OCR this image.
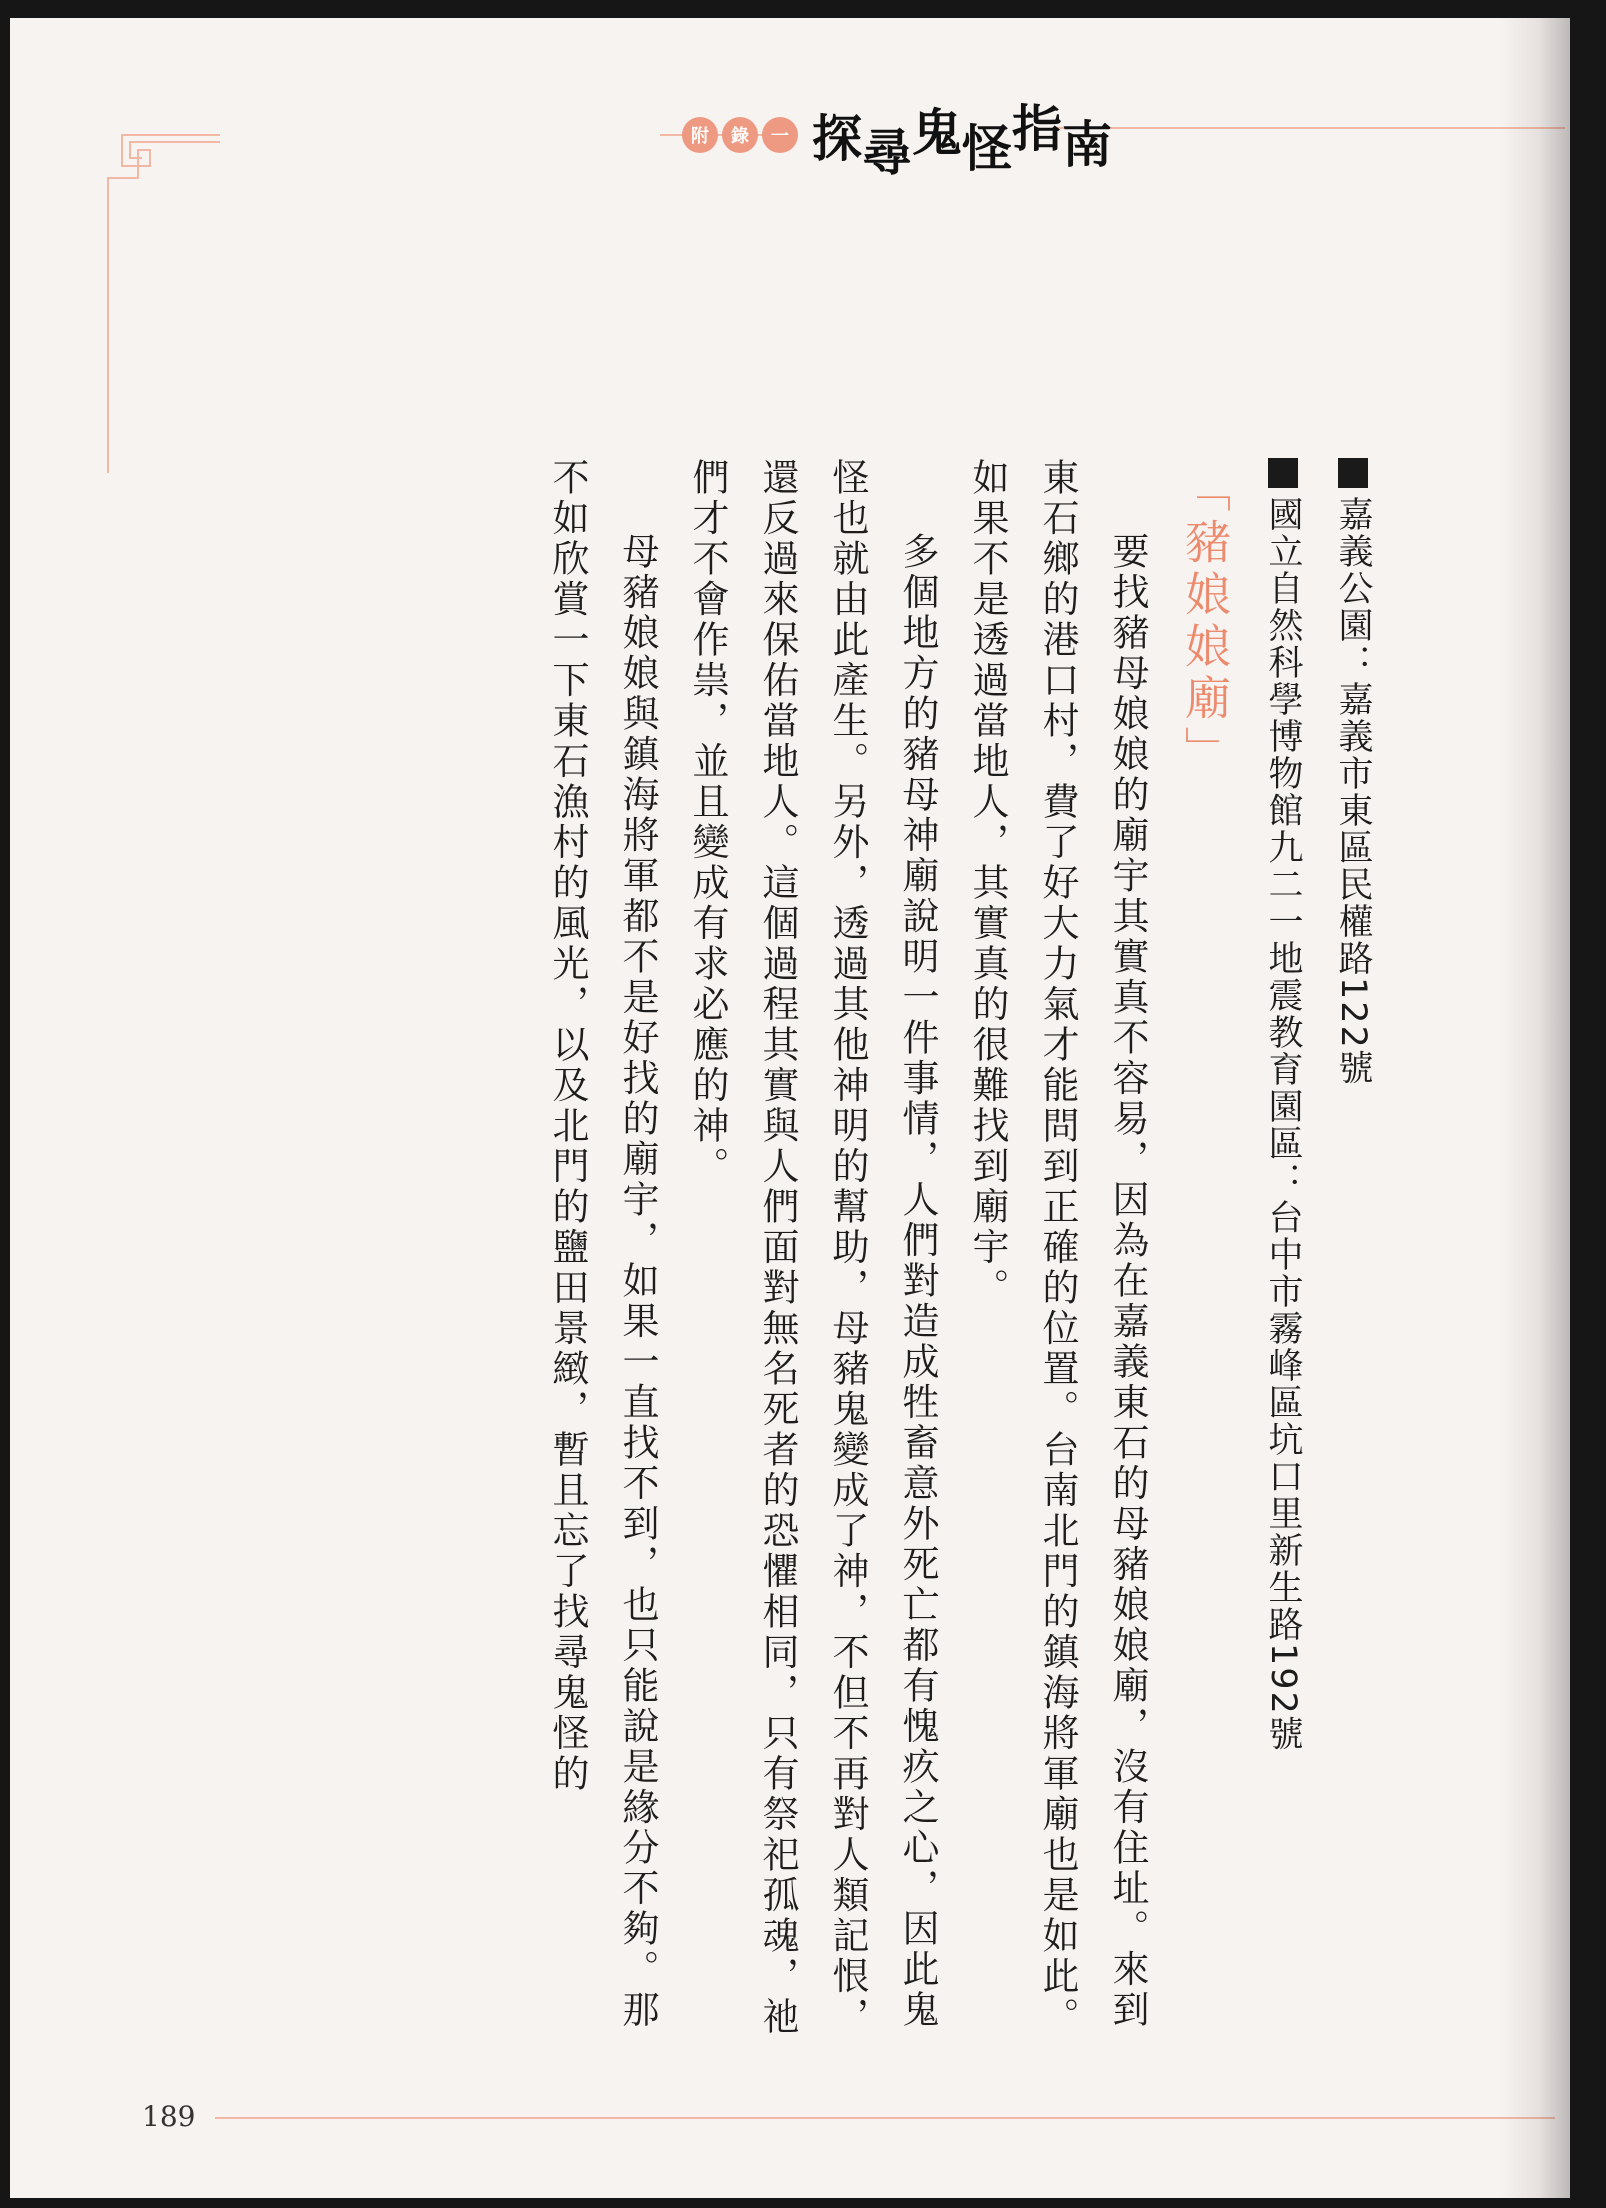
附	錄	一 探 尋 鬼 怪 指 南

嘉義公園：嘉義市東區民權路122號

國立自然科學博物館九二一地震教育園區：台中市霧峰區坑口里新生路192號

「豬娘娘廟」

要找豬母娘娘的廟宇其實真不容易，因為在嘉義東石的母豬娘娘廟，沒有住址。來到東石鄉的港口村，費了好大力氣才能問到正確的位置。台南北門的鎮海將軍廟也是如此。如果不是透過當地人，其實真的很難找到廟宇。

多個地方的豬母神廟說明一件事情，人們對造成牲畜意外死亡都有愧疚之心，因此鬼怪也就由此產生。另外，透過其他神明的幫助，母豬鬼變成了神，不但不再對人類記恨，還反過來保佑當地人。這個過程其實與人們面對無名死者的恐懼相同，只有祭祀孤魂，祂們才不會作祟，並且變成有求必應的神。

母豬娘娘與鎮海將軍都不是好找的廟宇，如果一直找不到，也只能說是緣分不夠。那不如欣賞一下東石漁村的風光，以及北門的鹽田景緻，暫且忘了找尋鬼怪的

189
